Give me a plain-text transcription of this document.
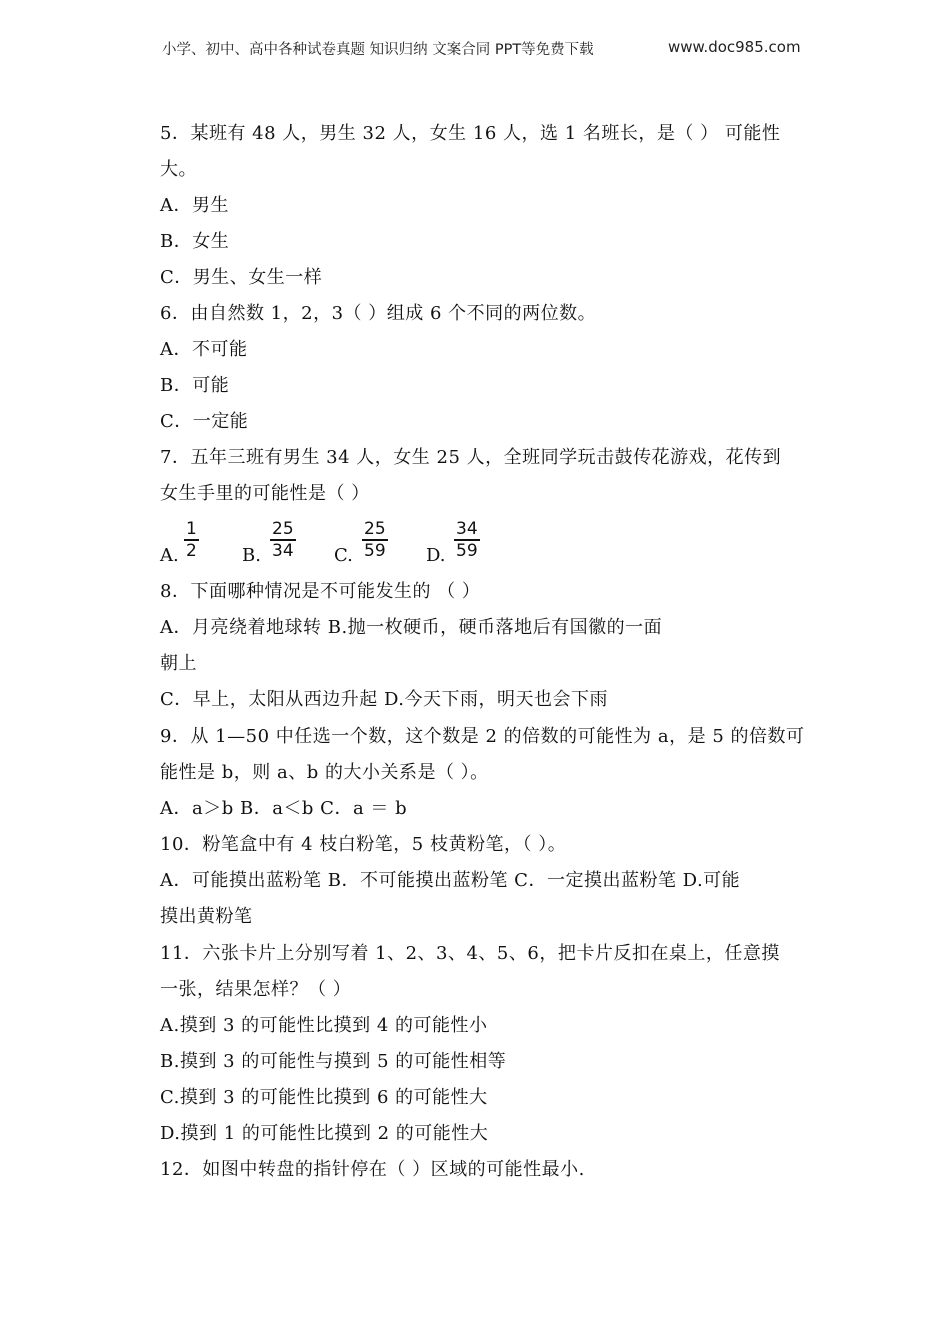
小学、初中、高中各种试卷真题 知识归纳 文案合同 PPT等免费下载	www.doc985.com
5．某班有 48 人，男生 32 人，女生 16 人，选 1 名班长，是（ ） 可能性
大。
A．男生
B．女生
C．男生、女生一样
6．由自然数 1，2，3（ ）组成 6 个不同的两位数。
A．不可能
B．可能
C．一定能
7．五年三班有男生 34 人，女生 25 人，全班同学玩击鼓传花游戏，花传到
女生手里的可能性是（ ）
A.
1
2	B.
25
34 C.
25
59 D.
34
59
8．下面哪种情况是不可能发生的 （ ）
A．月亮绕着地球转 B.抛一枚硬币，硬币落地后有国徽的一面
朝上
C．早上，太阳从西边升起 D.今天下雨，明天也会下雨
9．从 1—50 中任选一个数，这个数是 2 的倍数的可能性为 a，是 5 的倍数可
能性是 b，则 a、b 的大小关系是（ ）。
A．a＞b B．a＜b C．a ＝ b
10．粉笔盒中有 4 枝白粉笔，5 枝黄粉笔，（ ）。
A．可能摸出蓝粉笔 B．不可能摸出蓝粉笔 C．一定摸出蓝粉笔 D.可能
摸出黄粉笔
11．六张卡片上分别写着 1、2、3、4、5、6，把卡片反扣在桌上，任意摸
一张，结果怎样？（ ）
A.摸到 3 的可能性比摸到 4 的可能性小
B.摸到 3 的可能性与摸到 5 的可能性相等
C.摸到 3 的可能性比摸到 6 的可能性大
D.摸到 1 的可能性比摸到 2 的可能性大
12．如图中转盘的指针停在（ ）区域的可能性最小.
